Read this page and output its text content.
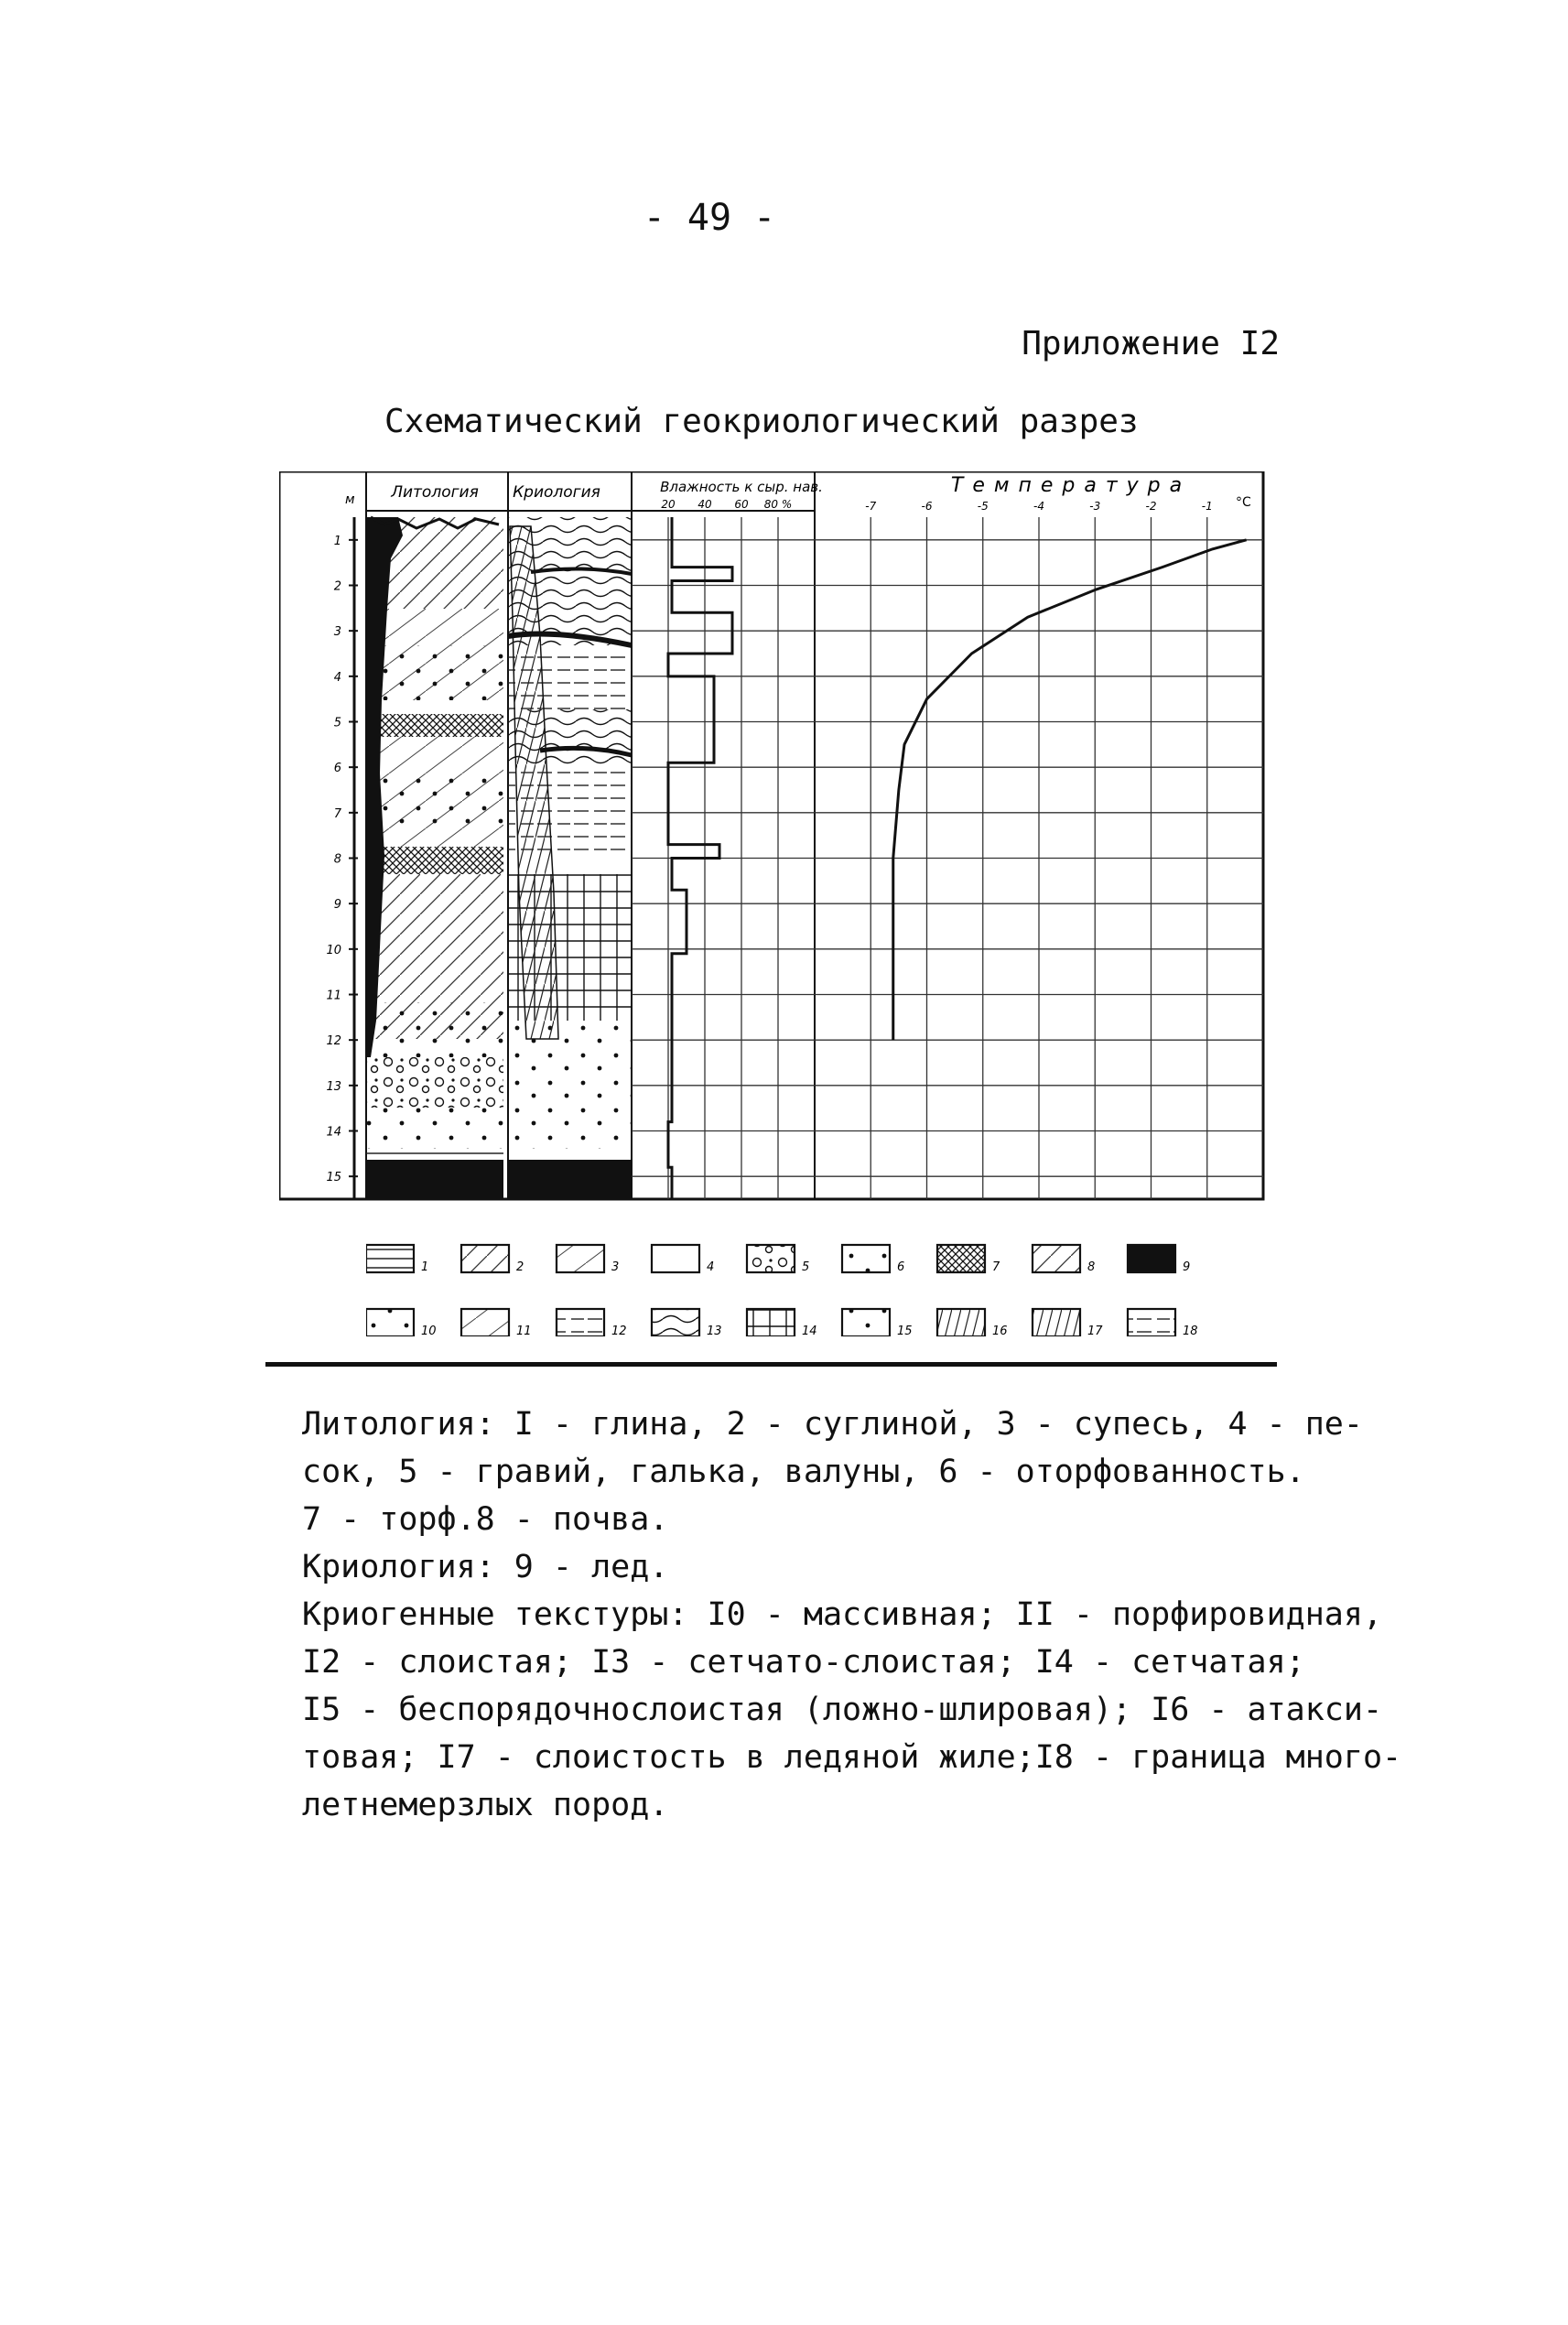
- 49 -
Приложение I2
Схематический геокриологический разрез
м Литология Криология	Влажность к сыр. нав.	Температура
°С
20 40 60 80 %	-7	-6	-5	-4	-3	-2	-1
1
2
3
4
5
6
7
8
9
10
11
12
13
14
15
1	2	3	4	5	6	7	8	9
10	11	12	13	14	15	16	17	18
Литология: I - глина, 2 - суглиной, 3 - супесь, 4 - пе-
сок, 5 - гравий, галька, валуны, 6 - оторфованность.
7 - торф.8 - почва.
Криология: 9 - лед.
Криогенные текстуры: I0 - массивная; II - порфировидная,
I2 - слоистая; I3 - сетчато-слоистая; I4 - сетчатая;
I5 - беспорядочнослоистая (ложно-шлировая); I6 - атакси-
товая; I7 - слоистость в ледяной жиле;I8 - граница много-
летнемерзлых пород.
